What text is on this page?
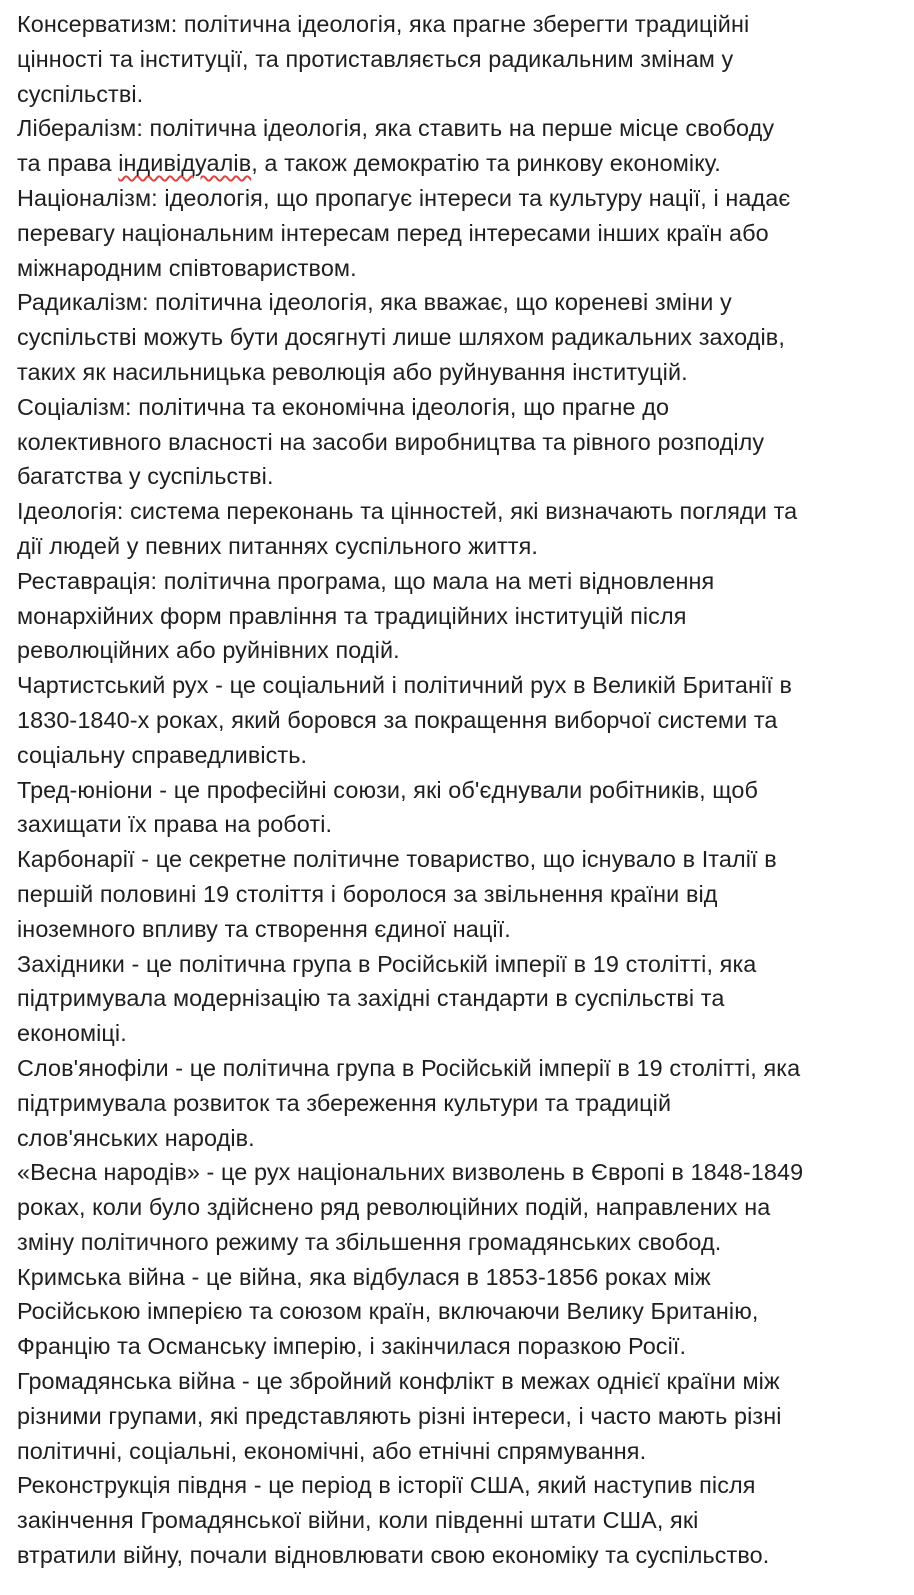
Консерватизм: політична ідеологія, яка прагне зберегти традиційні
цінності та інституції, та протиставляється радикальним змінам у
суспільстві.
Лібералізм: політична ідеологія, яка ставить на перше місце свободу
та права індивідуалів, а також демократію та ринкову економіку.
Націоналізм: ідеологія, що пропагує інтереси та культуру нації, і надає
перевагу національним інтересам перед інтересами інших країн або
міжнародним співтовариством.
Радикалізм: політична ідеологія, яка вважає, що кореневі зміни у
суспільстві можуть бути досягнуті лише шляхом радикальних заходів,
таких як насильницька революція або руйнування інституцій.
Соціалізм: політична та економічна ідеологія, що прагне до
колективного власності на засоби виробництва та рівного розподілу
багатства у суспільстві.
Ідеологія: система переконань та цінностей, які визначають погляди та
дії людей у певних питаннях суспільного життя.
Реставрація: політична програма, що мала на меті відновлення
монархійних форм правління та традиційних інституцій після
революційних або руйнівних подій.
Чартистський рух - це соціальний і політичний рух в Великій Британії в
1830-1840-х роках, який боровся за покращення виборчої системи та
соціальну справедливість.
Тред-юніони - це професійні союзи, які об'єднували робітників, щоб
захищати їх права на роботі.
Карбонарії - це секретне політичне товариство, що існувало в Італії в
першій половині 19 століття і боролося за звільнення країни від
іноземного впливу та створення єдиної нації.
Західники - це політична група в Російській імперії в 19 столітті, яка
підтримувала модернізацію та західні стандарти в суспільстві та
економіці.
Слов'янофіли - це політична група в Російській імперії в 19 столітті, яка
підтримувала розвиток та збереження культури та традицій
слов'янських народів.
«Весна народів» - це рух національних визволень в Європі в 1848-1849
роках, коли було здійснено ряд революційних подій, направлених на
зміну політичного режиму та збільшення громадянських свобод.
Кримська війна - це війна, яка відбулася в 1853-1856 роках між
Російською імперією та союзом країн, включаючи Велику Британію,
Францію та Османську імперію, і закінчилася поразкою Росії.
Громадянська війна - це збройний конфлікт в межах однієї країни між
різними групами, які представляють різні інтереси, і часто мають різні
політичні, соціальні, економічні, або етнічні спрямування.
Реконструкція півдня - це період в історії США, який наступив після
закінчення Громадянської війни, коли південні штати США, які
втратили війну, почали відновлювати свою економіку та суспільство.
